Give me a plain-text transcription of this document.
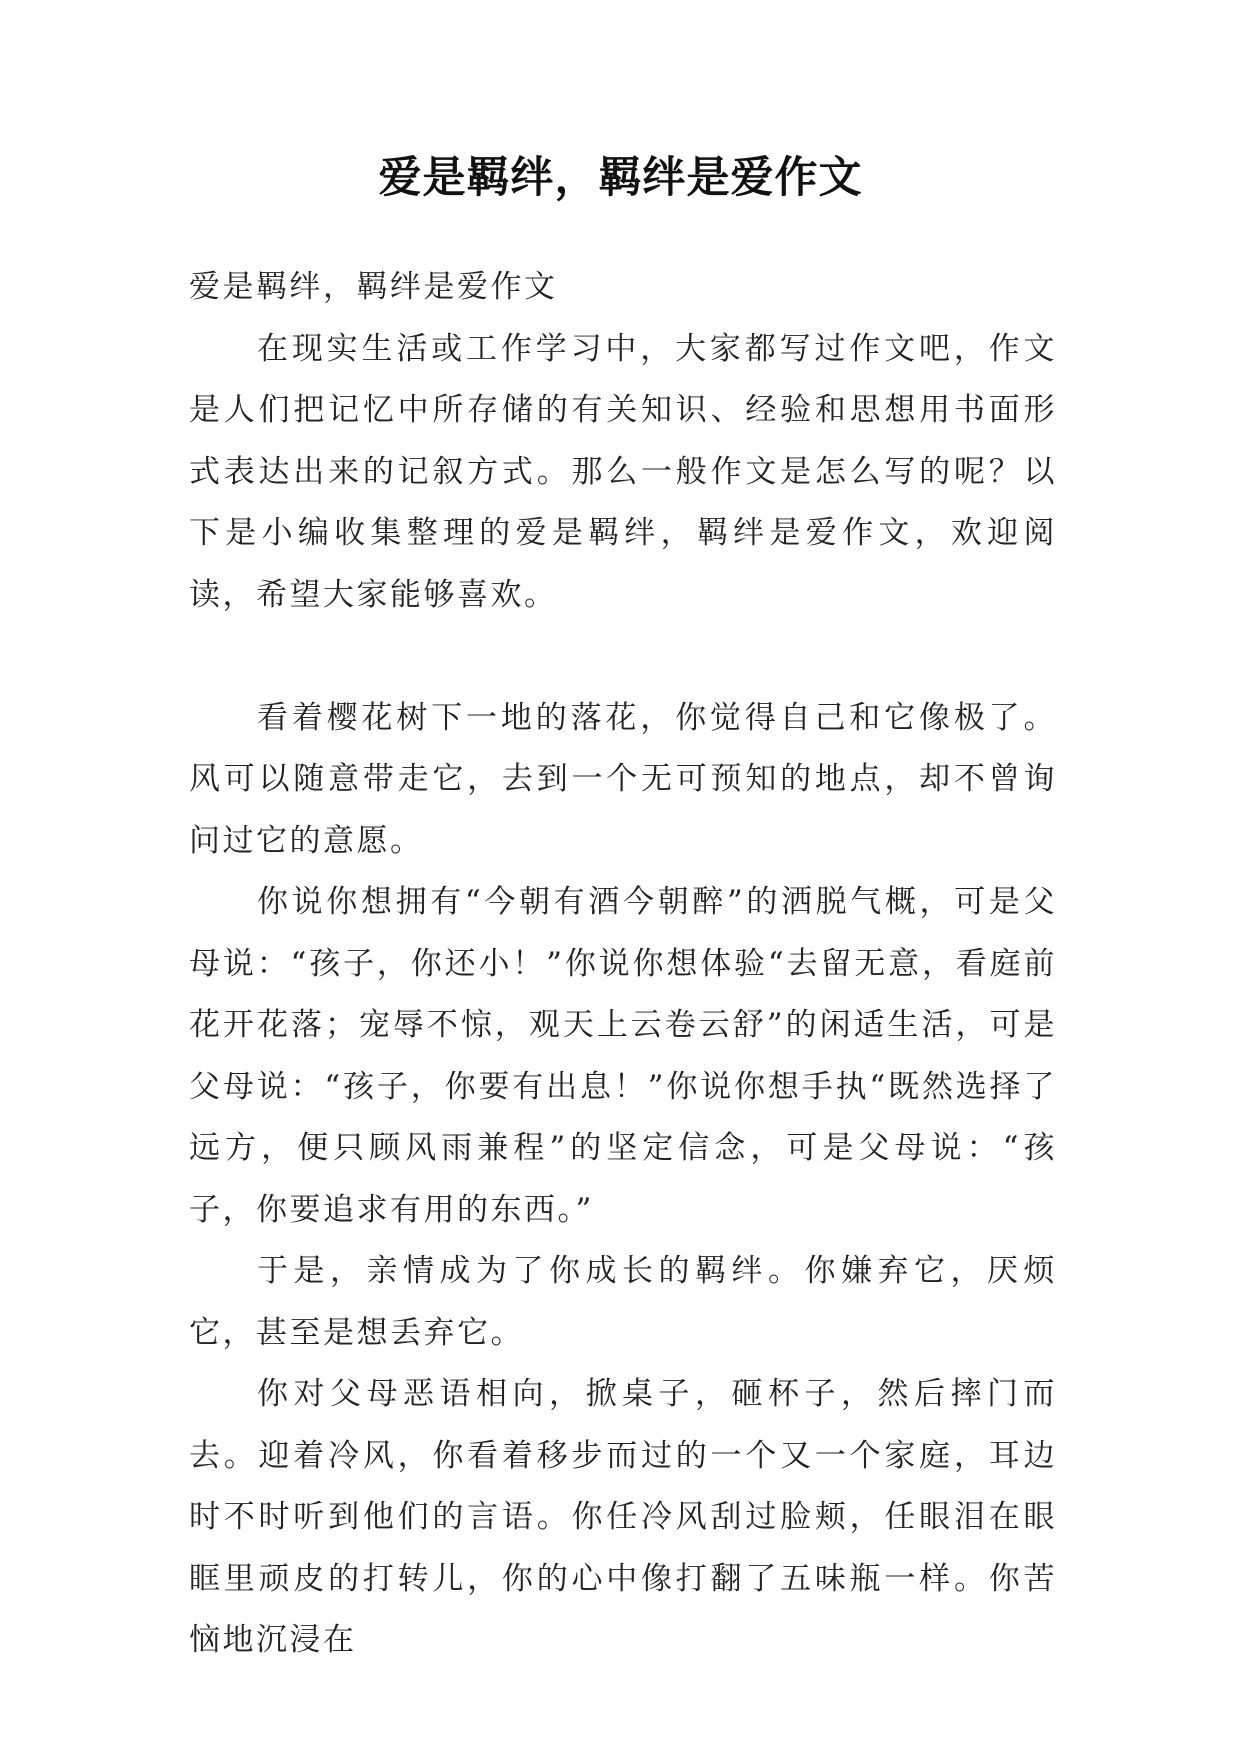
爱是羁绊，羁绊是爱作文

爱是羁绊，羁绊是爱作文

在现实生活或工作学习中，大家都写过作文吧，作文是人们把记忆中所存储的有关知识、经验和思想用书面形式表达出来的记叙方式。那么一般作文是怎么写的呢？以下是小编收集整理的爱是羁绊，羁绊是爱作文，欢迎阅读，希望大家能够喜欢。

看着樱花树下一地的落花，你觉得自己和它像极了。风可以随意带走它，去到一个无可预知的地点，却不曾询问过它的意愿。

你说你想拥有“今朝有酒今朝醉”的洒脱气概，可是父母说：“孩子，你还小！”你说你想体验“去留无意，看庭前花开花落；宠辱不惊，观天上云卷云舒”的闲适生活，可是父母说：“孩子，你要有出息！”你说你想手执“既然选择了远方，便只顾风雨兼程”的坚定信念，可是父母说：“孩子，你要追求有用的东西。”

于是，亲情成为了你成长的羁绊。你嫌弃它，厌烦它，甚至是想丢弃它。

你对父母恶语相向，掀桌子，砸杯子，然后摔门而去。迎着冷风，你看着移步而过的一个又一个家庭，耳边时不时听到他们的言语。你任冷风刮过脸颊，任眼泪在眼眶里顽皮的打转儿，你的心中像打翻了五味瓶一样。你苦恼地沉浸在
